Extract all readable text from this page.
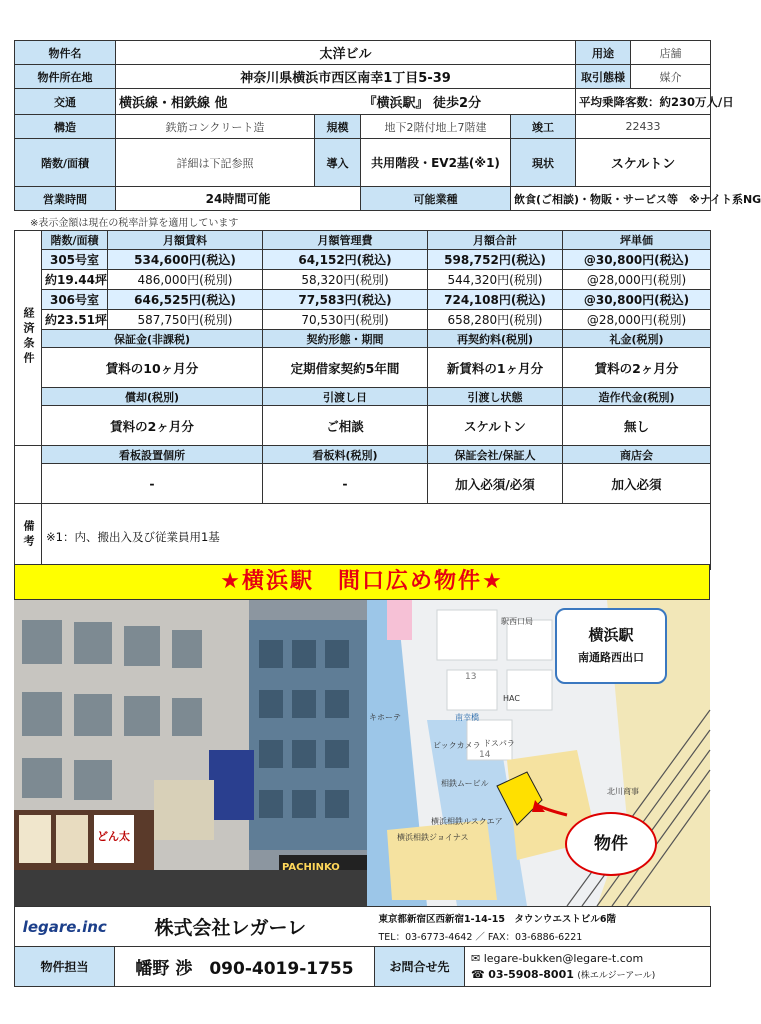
物件名	太洋ビル				用途	店舗
物件所在地	神奈川県横浜市西区南幸1丁目5-39				取引態様	媒介
交通	横浜線・相鉄線 他		『横浜駅』 徒歩2分		平均乗降客数：約230万人/日	
構造	鉄筋コンクリート造	規模	地下2階付地上7階建	竣工	22433	
階数/面積	詳細は下記参照	導入	共用階段・EV2基(※1)	現状	スケルトン	
営業時間	24時間可能		可能業種	飲食(ご相談)・物販・サービス等　※ナイト系NG		
※表示金額は現在の税率計算を適用しています
経済条件	階数/面積	月額賃料	月額管理費	月額合計	坪単価
	305号室	534,600円(税込)	64,152円(税込)	598,752円(税込)	@30,800円(税込)
	約19.44坪	486,000円(税別)	58,320円(税別)	544,320円(税別)	@28,000円(税別)
	306号室	646,525円(税込)	77,583円(税込)	724,108円(税込)	@30,800円(税込)
	約23.51坪	587,750円(税別)	70,530円(税別)	658,280円(税別)	@28,000円(税別)
	保証金(非課税)		契約形態・期間	再契約料(税別)	礼金(税別)
	賃料の10ヶ月分		定期借家契約5年間	新賃料の1ヶ月分	賃料の2ヶ月分
	償却(税別)		引渡し日	引渡し状態	造作代金(税別)
	賃料の2ヶ月分		ご相談	スケルトン	無し
	看板設置個所		看板料(税別)	保証会社/保証人	商店会
	-		-	加入必須/必須	加入必須
備考	※1：内、搬出入及び従業員用1基				
★横浜駅　間口広め物件★
どん太
PACHINKO
横浜駅
南通路西出口
物件
駅西口局
南幸橋
ビックカメラ
相鉄ムービル
横浜相鉄ジョイナス
横浜相鉄ルスクエア
HAC
ドスパラ
キホーテ
北川商事
13
14
legare.inc	株式会社レガーレ	東京都新宿区西新宿1-14-15　タウンウエストビル6階
TEL：03-6773-4642 ／ FAX：03-6886-6221	

物件担当	幡野 渉　090-4019-1755	お問合せ先	✉ legare-bukken@legare-t.com
☎ 03-5908-8001 (株エルジーアール)
